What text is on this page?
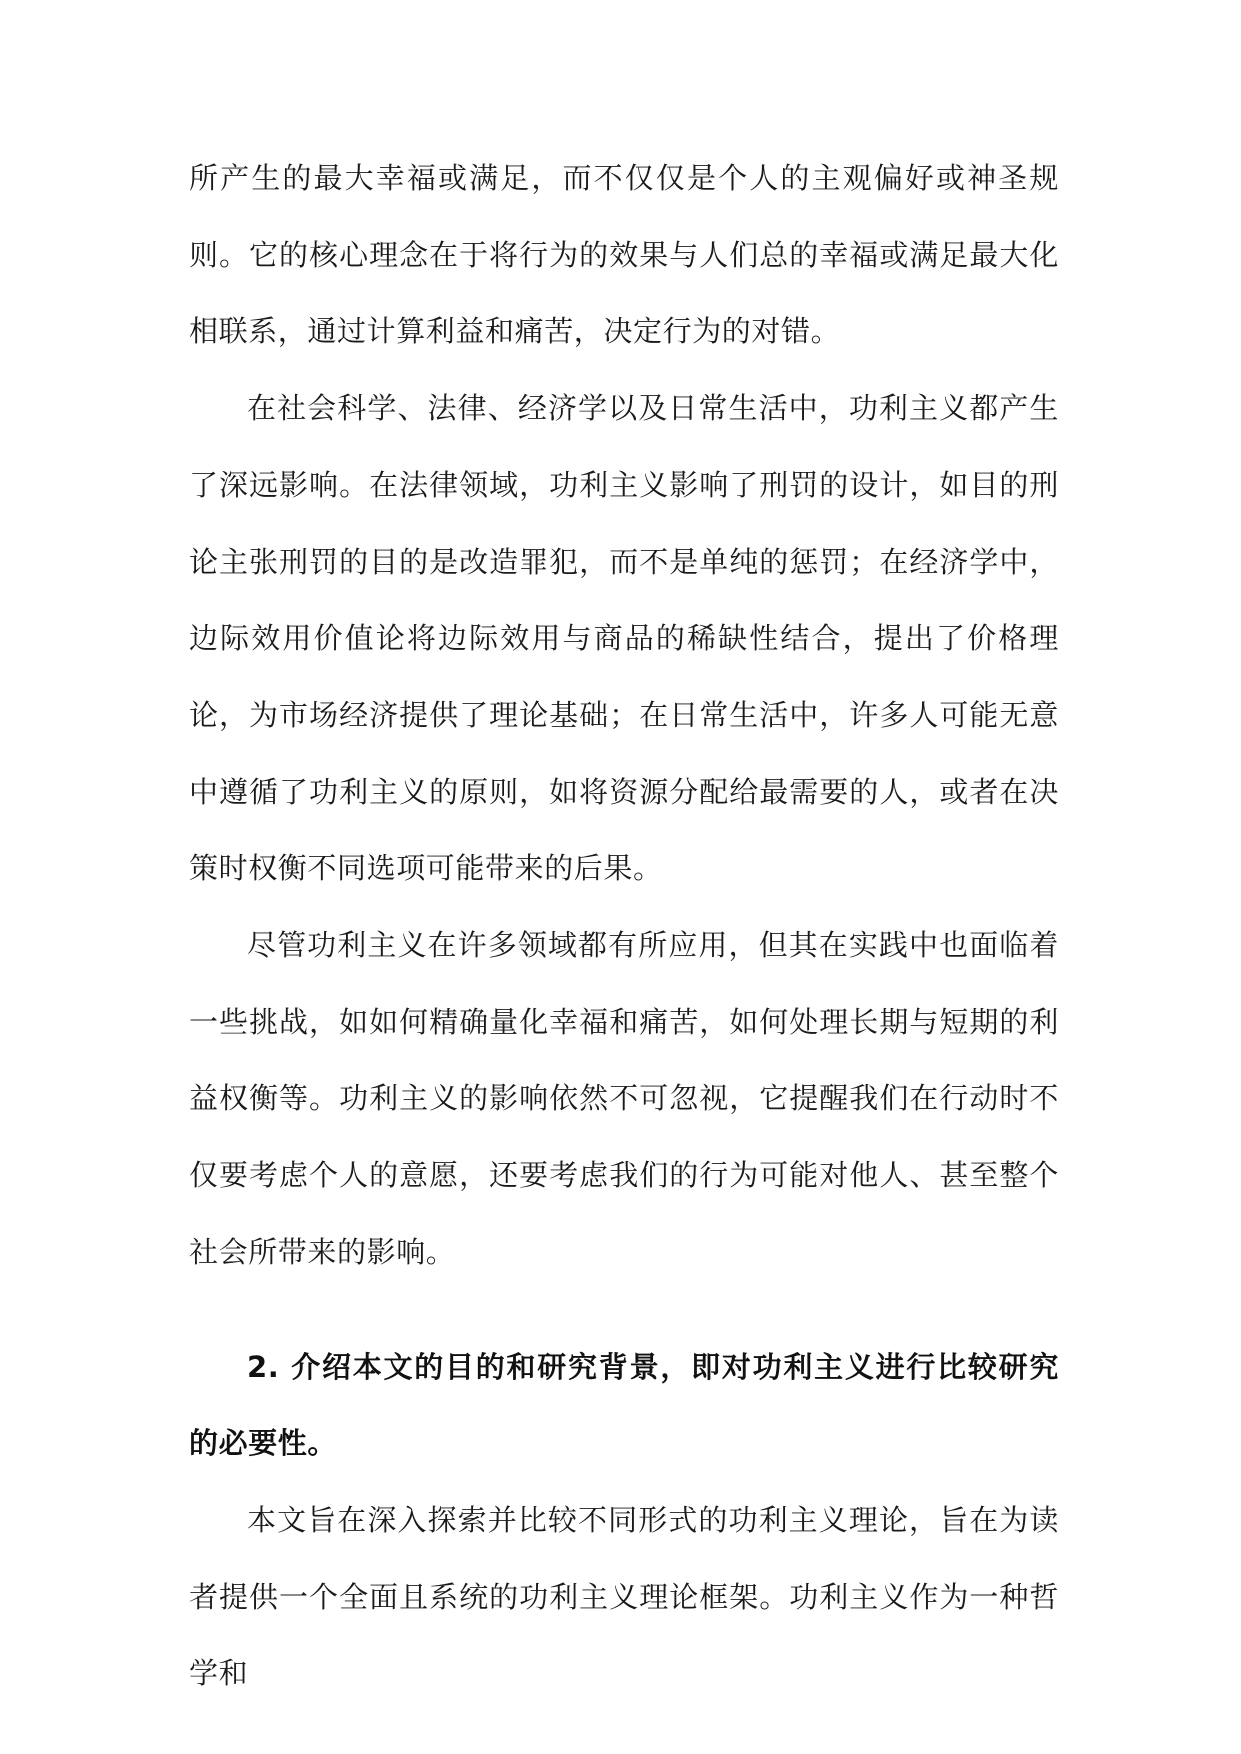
所产生的最大幸福或满足，而不仅仅是个人的主观偏好或神圣规则。它的核心理念在于将行为的效果与人们总的幸福或满足最大化相联系，通过计算利益和痛苦，决定行为的对错。

在社会科学、法律、经济学以及日常生活中，功利主义都产生了深远影响。在法律领域，功利主义影响了刑罚的设计，如目的刑论主张刑罚的目的是改造罪犯，而不是单纯的惩罚；在经济学中，边际效用价值论将边际效用与商品的稀缺性结合，提出了价格理论，为市场经济提供了理论基础；在日常生活中，许多人可能无意中遵循了功利主义的原则，如将资源分配给最需要的人，或者在决策时权衡不同选项可能带来的后果。

尽管功利主义在许多领域都有所应用，但其在实践中也面临着一些挑战，如如何精确量化幸福和痛苦，如何处理长期与短期的利益权衡等。功利主义的影响依然不可忽视，它提醒我们在行动时不仅要考虑个人的意愿，还要考虑我们的行为可能对他人、甚至整个社会所带来的影响。

2. 介绍本文的目的和研究背景，即对功利主义进行比较研究的必要性。

本文旨在深入探索并比较不同形式的功利主义理论，旨在为读者提供一个全面且系统的功利主义理论框架。功利主义作为一种哲学和
